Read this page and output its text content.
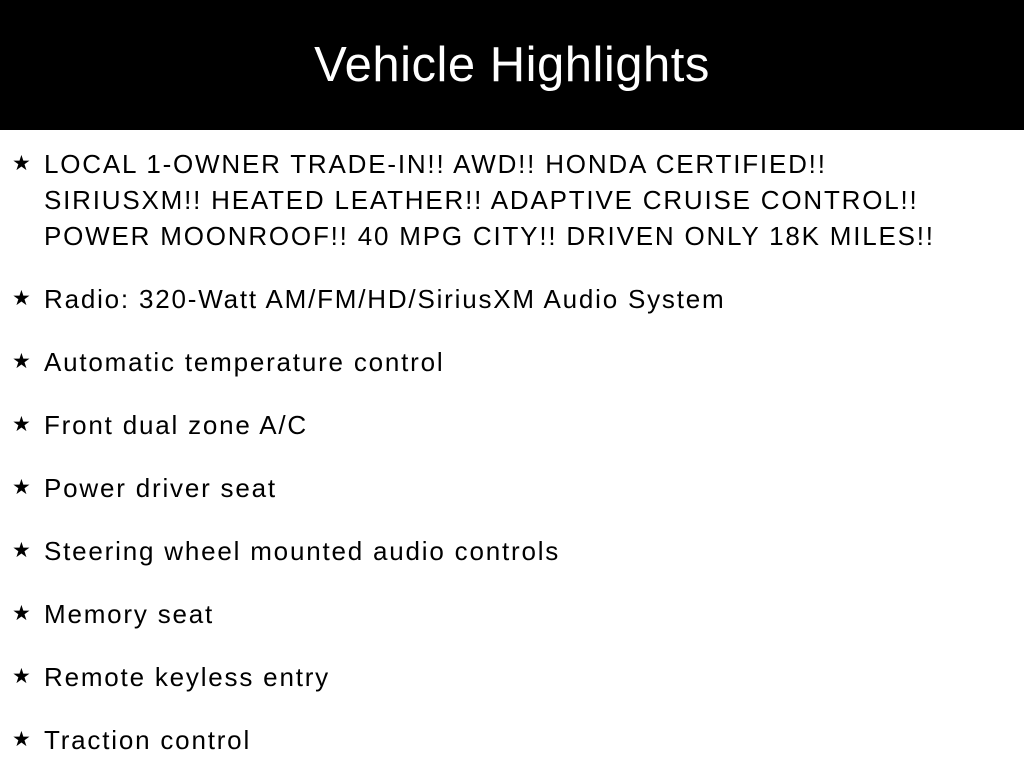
Vehicle Highlights
★ LOCAL 1-OWNER TRADE-IN!! AWD!! HONDA CERTIFIED!! SIRIUSXM!! HEATED LEATHER!! ADAPTIVE CRUISE CONTROL!! POWER MOONROOF!! 40 MPG CITY!! DRIVEN ONLY 18K MILES!!
★ Radio: 320-Watt AM/FM/HD/SiriusXM Audio System
★ Automatic temperature control
★ Front dual zone A/C
★ Power driver seat
★ Steering wheel mounted audio controls
★ Memory seat
★ Remote keyless entry
★ Traction control
